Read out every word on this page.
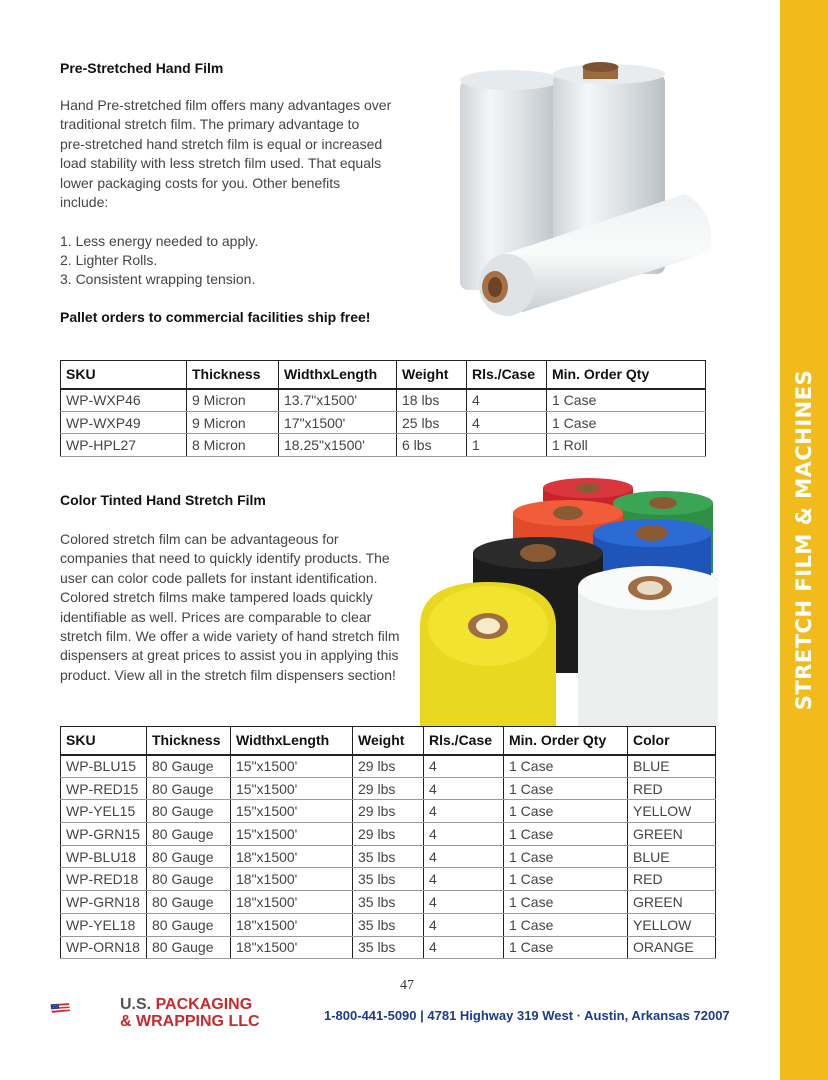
STRETCH FILM & MACHINES
Pre-Stretched Hand Film

Hand Pre-stretched film offers many advantages over
traditional stretch film. The primary advantage to
pre-stretched hand stretch film is equal or increased
load stability with less stretch film used. That equals
lower packaging costs for you. Other benefits
include:

1. Less energy needed to apply.
2. Lighter Rolls.
3. Consistent wrapping tension.
Pallet orders to commercial facilities ship free!
SKU	Thickness	WidthxLength	Weight	Rls./Case	Min. Order Qty
WP-WXP46	9 Micron	13.7"x1500'	18 lbs	4	1 Case
WP-WXP49	9 Micron	17"x1500'	25 lbs	4	1 Case
WP-HPL27	8 Micron	18.25"x1500'	6 lbs	1	1 Roll
Color Tinted Hand Stretch Film

Colored stretch film can be advantageous for
companies that need to quickly identify products. The
user can color code pallets for instant identification.
Colored stretch films make tampered loads quickly
identifiable as well. Prices are comparable to clear
stretch film. We offer a wide variety of hand stretch film
dispensers at great prices to assist you in applying this
product. View all in the stretch film dispensers section!

SKU	Thickness	WidthxLength	Weight	Rls./Case	Min. Order Qty	Color
WP-BLU15	80 Gauge	15"x1500'	29 lbs	4	1 Case	BLUE
WP-RED15	80 Gauge	15"x1500'	29 lbs	4	1 Case	RED
WP-YEL15	80 Gauge	15"x1500'	29 lbs	4	1 Case	YELLOW
WP-GRN15	80 Gauge	15"x1500'	29 lbs	4	1 Case	GREEN
WP-BLU18	80 Gauge	18"x1500'	35 lbs	4	1 Case	BLUE
WP-RED18	80 Gauge	18"x1500'	35 lbs	4	1 Case	RED
WP-GRN18	80 Gauge	18"x1500'	35 lbs	4	1 Case	GREEN
WP-YEL18	80 Gauge	18"x1500'	35 lbs	4	1 Case	YELLOW
WP-ORN18	80 Gauge	18"x1500'	35 lbs	4	1 Case	ORANGE
47
U.S. PACKAGING
& WRAPPING LLC	1-800-441-5090 | 4781 Highway 319 West · Austin, Arkansas 72007
